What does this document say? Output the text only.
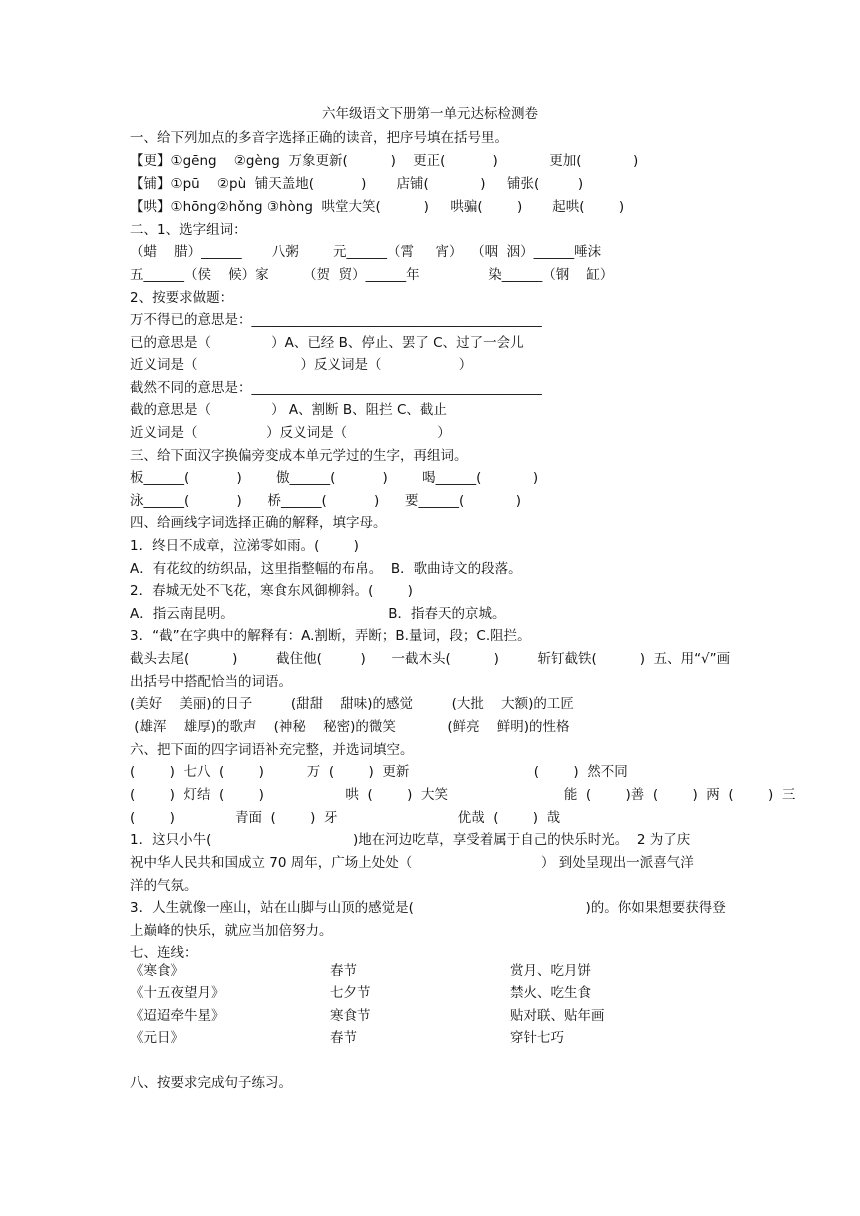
六年级语文下册第一单元达标检测卷
一、给下列加点的多音字选择正确的读音，把序号填在括号里。
【更】①gēng    ②gèng  万象更新(          )    更正(           )            更加(            )
【铺】①pū    ②pù  铺天盖地(           )       店铺(            )     铺张(         )
【哄】①hōng②hǒng ③hòng  哄堂大笑(          )     哄骗(        )       起哄(        )
二、1、选字组词：
（蜡    腊）______       八粥        元______（霄     宵）  （咽  洇）______唾沫
五______（侯    候）家        （贺  贸）______年                染______（钢    缸）
2、按要求做题：
万不得已的意思是：___________________________________________
已的意思是（              ）A、已经 B、停止、罢了 C、过了一会儿
近义词是（                        ）反义词是（                  ）
截然不同的意思是：___________________________________________
截的意思是（              ） A、割断 B、阻拦 C、截止
近义词是（                ）反义词是（                     ）
三、给下面汉字换偏旁变成本单元学过的生字，再组词。
板______(           )        傲______(           )        喝______(            )
泳______(           )      桥______(           )      要______(            )
四、给画线字词选择正确的解释，填字母。
1．终日不成章，泣涕零如雨。(        )
A．有花纹的纺织品，这里指整幅的布帛。  B．歌曲诗文的段落。
2．春城无处不飞花，寒食东风御柳斜。(        )
A．指云南昆明。                                    B．指春天的京城。
3．“截”在字典中的解释有：A.割断，弄断；B.量词，段；C.阻拦。
截头去尾(          )         截住他(         )      一截木头(          )         斩钉截铁(          )  五、用“√”画
出括号中搭配恰当的词语。
(美好    美丽)的日子         (甜甜    甜味)的感觉         (大批    大额)的工匠
(雄浑    雄厚)的歌声    (神秘    秘密)的微笑            (鲜亮    鲜明)的性格
六、把下面的四字词语补充完整，并选词填空。
(        )  七八  (        )          万  (        )  更新                             (        )  然不同
(        )  灯结  (        )                   哄  (        )  大笑                           能  (        )善  (        )  两  (        )  三
(        )              青面  (        )  牙                            优哉  (        )  哉
1．这只小牛(                                 )地在河边吃草，享受着属于自己的快乐时光。  2 为了庆
祝中华人民共和国成立 70 周年，广场上处处（                              ） 到处呈现出一派喜气洋
洋的气氛。
3．人生就像一座山，站在山脚与山顶的感觉是(                                        )的。你如果想要获得登
上巅峰的快乐，就应当加倍努力。
七、连线：
《寒食》
《十五夜望月》
《迢迢牵牛星》
《元日》
春节
七夕节
寒食节
春节
赏月、吃月饼
禁火、吃生食
贴对联、贴年画
穿针七巧
八、按要求完成句子练习。
